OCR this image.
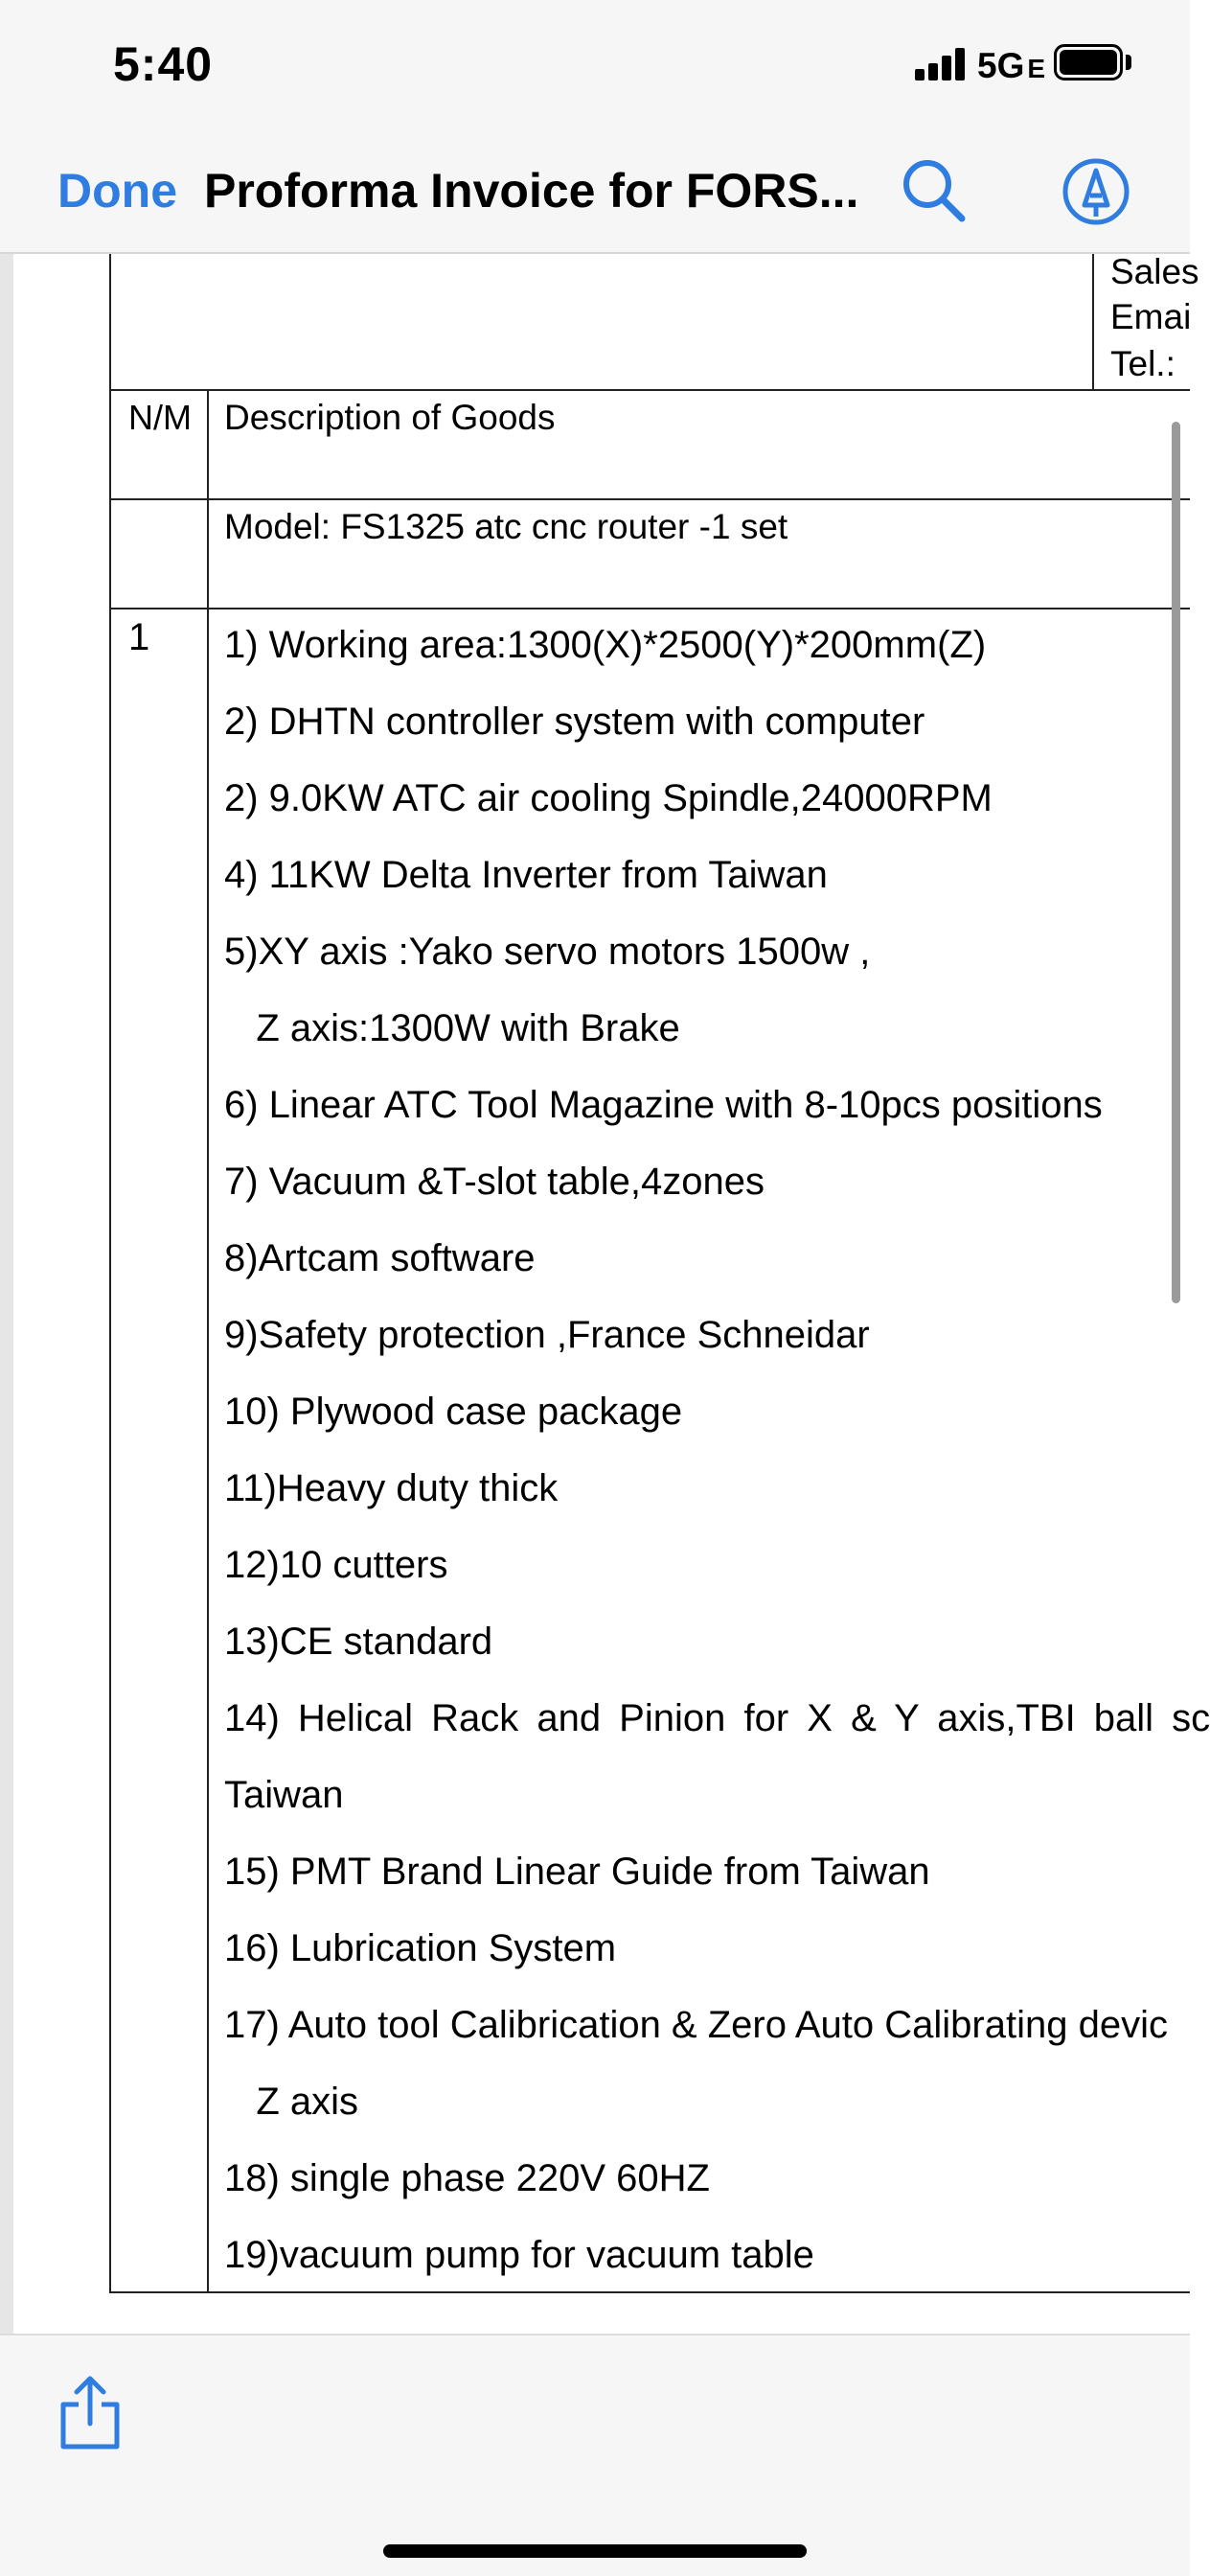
5:40	5G E
Done Proforma Invoice for FORS...
Sales
Emai
Tel.:
N/M Description of Goods
Model: FS1325 atc cnc router -1 set
1 1) Working area:1300(X)*2500(Y)*200mm(Z)
2) DHTN controller system with computer
2) 9.0KW ATC air cooling Spindle,24000RPM
4) 11KW Delta Inverter from Taiwan
5)XY axis :Yako servo motors 1500w ,
Z axis:1300W with Brake
6) Linear ATC Tool Magazine with 8-10pcs positions
7) Vacuum &T-slot table,4zones
8)Artcam software
9)Safety protection ,France Schneidar
10) Plywood case package
11)Heavy duty thick
12)10 cutters
13)CE standard
14) Helical Rack and Pinion for X & Y axis,TBI ball sc
Taiwan
15) PMT Brand Linear Guide from Taiwan
16) Lubrication System
17) Auto tool Calibrication & Zero Auto Calibrating devic
Z axis
18) single phase 220V 60HZ
19)vacuum pump for vacuum table
